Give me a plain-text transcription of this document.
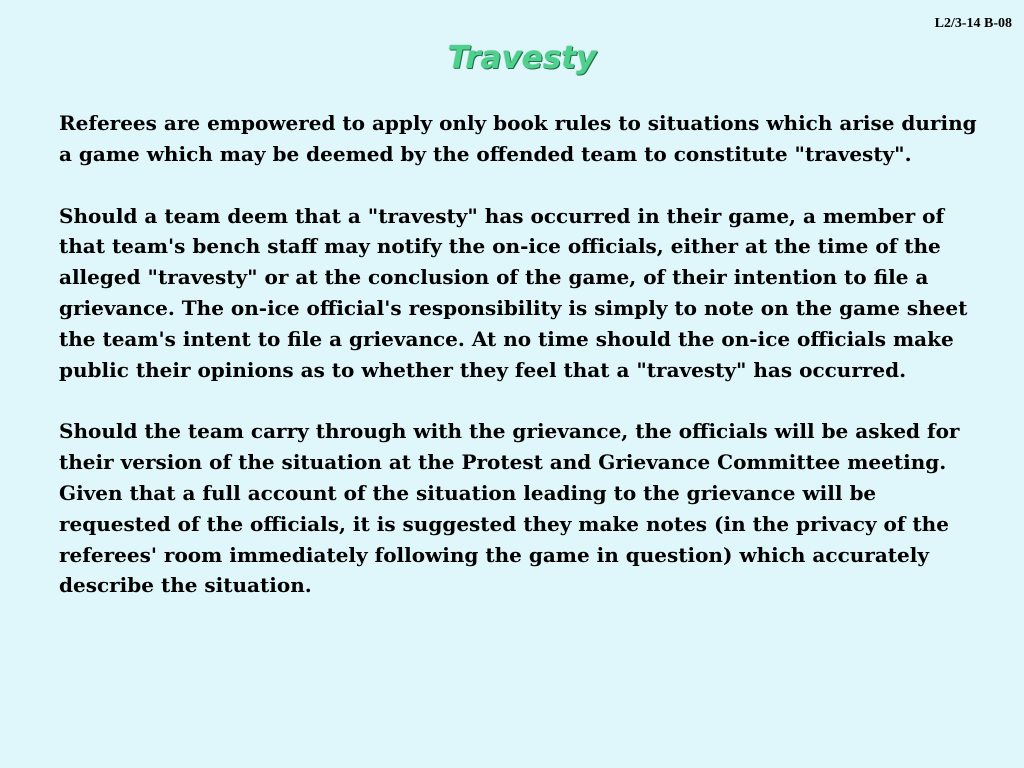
L2/3-14 B-08
Travesty

Referees are empowered to apply only book rules to situations which arise during a game which may be deemed by the offended team to constitute "travesty".

Should a team deem that a "travesty" has occurred in their game, a member of that team's bench staff may notify the on-ice officials, either at the time of the alleged "travesty" or at the conclusion of the game, of their intention to file a grievance. The on-ice official's responsibility is simply to note on the game sheet the team's intent to file a grievance. At no time should the on-ice officials make public their opinions as to whether they feel that a "travesty" has occurred.

Should the team carry through with the grievance, the officials will be asked for their version of the situation at the Protest and Grievance Committee meeting. Given that a full account of the situation leading to the grievance will be requested of the officials, it is suggested they make notes (in the privacy of the referees' room immediately following the game in question) which accurately describe the situation.
